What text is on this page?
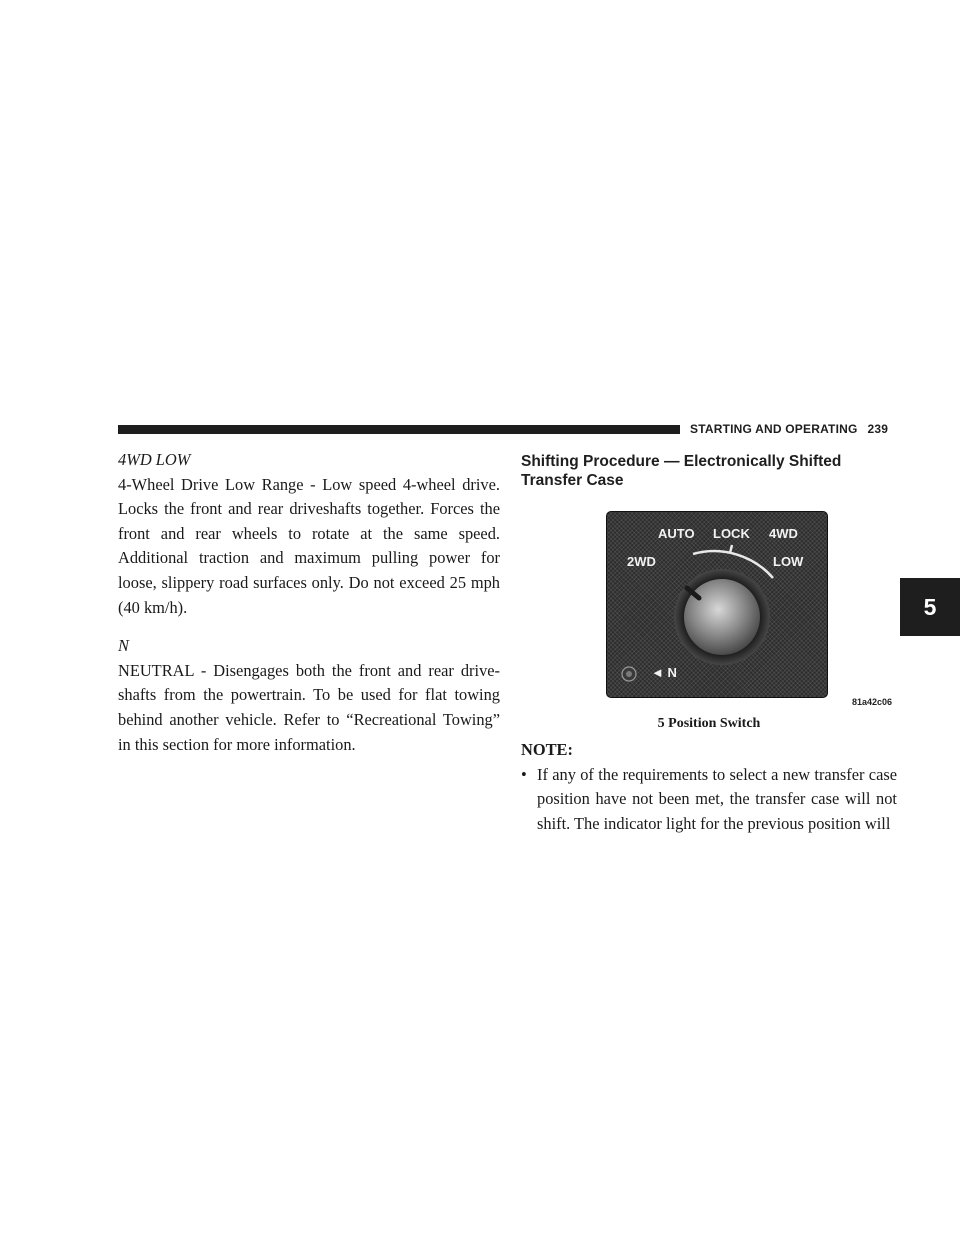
STARTING AND OPERATING 239
5

4WD LOW

4-Wheel Drive Low Range - Low speed 4-wheel drive. Locks the front and rear driveshafts together. Forces the front and rear wheels to rotate at the same speed. Additional traction and maximum pulling power for loose, slippery road surfaces only. Do not exceed 25 mph (40 km/h).

N

NEUTRAL - Disengages both the front and rear drive-shafts from the powertrain. To be used for flat towing behind another vehicle. Refer to “Recreational Towing” in this section for more information.

Shifting Procedure — Electronically Shifted

Transfer Case

AUTO LOCK 4WD
2WD	LOW
◄ N
81a42c06
5 Position Switch

NOTE:

• If any of the requirements to select a new transfer case position have not been met, the transfer case will not shift. The indicator light for the previous position will
